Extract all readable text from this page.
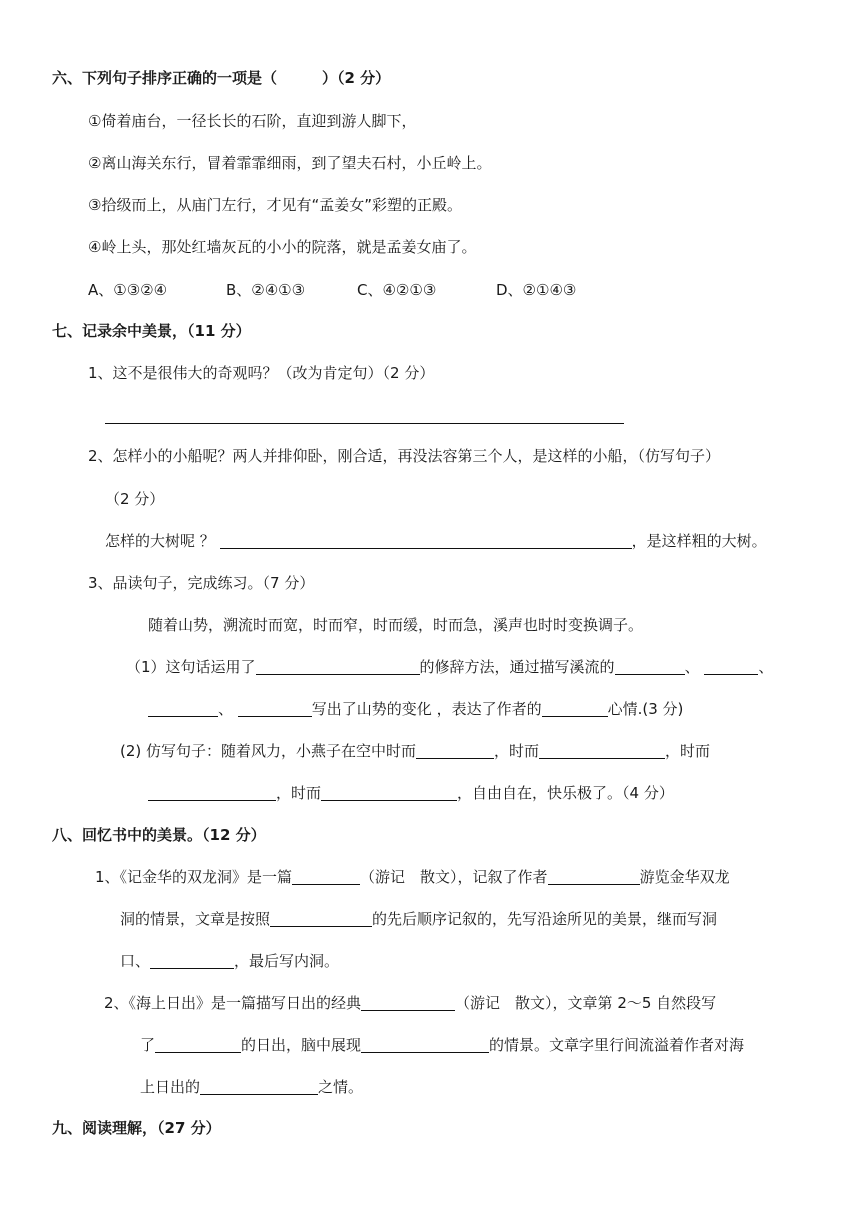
六、下列句子排序正确的一项是（　　　）（2 分）
①倚着庙台，一径长长的石阶，直迎到游人脚下，
②离山海关东行，冒着霏霏细雨，到了望夫石村，小丘岭上。
③拾级而上，从庙门左行，才见有“孟姜女”彩塑的正殿。
④岭上头，那处红墙灰瓦的小小的院落，就是孟姜女庙了。
A、①③②④	B、②④①③	C、④②①③	D、②①④③
七、记录余中美景，（11 分）
1、这不是很伟大的奇观吗？（改为肯定句）（2 分）
2、怎样小的小船呢？两人并排仰卧，刚合适，再没法容第三个人，是这样的小船，（仿写句子）
（2 分）
怎样的大树呢 ？	，是这样粗的大树。
3、品读句子，完成练习。（7 分）
随着山势，溯流时而宽，时而窄，时而缓，时而急，溪声也时时变换调子。
（1）这句话运用了	的修辞方法，通过描写溪流的	、	、
、	写出了山势的变化 ，表达了作者的	心情.(3 分)
(2) 仿写句子：随着风力，小燕子在空中时而	，时而	，时而
，时而	，自由自在，快乐极了。（4 分）
八、回忆书中的美景。（12 分）
1、《记金华的双龙洞》是一篇	（游记　散文），记叙了作者	游览金华双龙
洞的情景，文章是按照	的先后顺序记叙的，先写沿途所见的美景，继而写洞
口、	，最后写内洞。
2、《海上日出》是一篇描写日出的经典	（游记　散文），文章第 2～5 自然段写
了	的日出，脑中展现	的情景。文章字里行间流溢着作者对海
上日出的	之情。
九、阅读理解，（27 分）
